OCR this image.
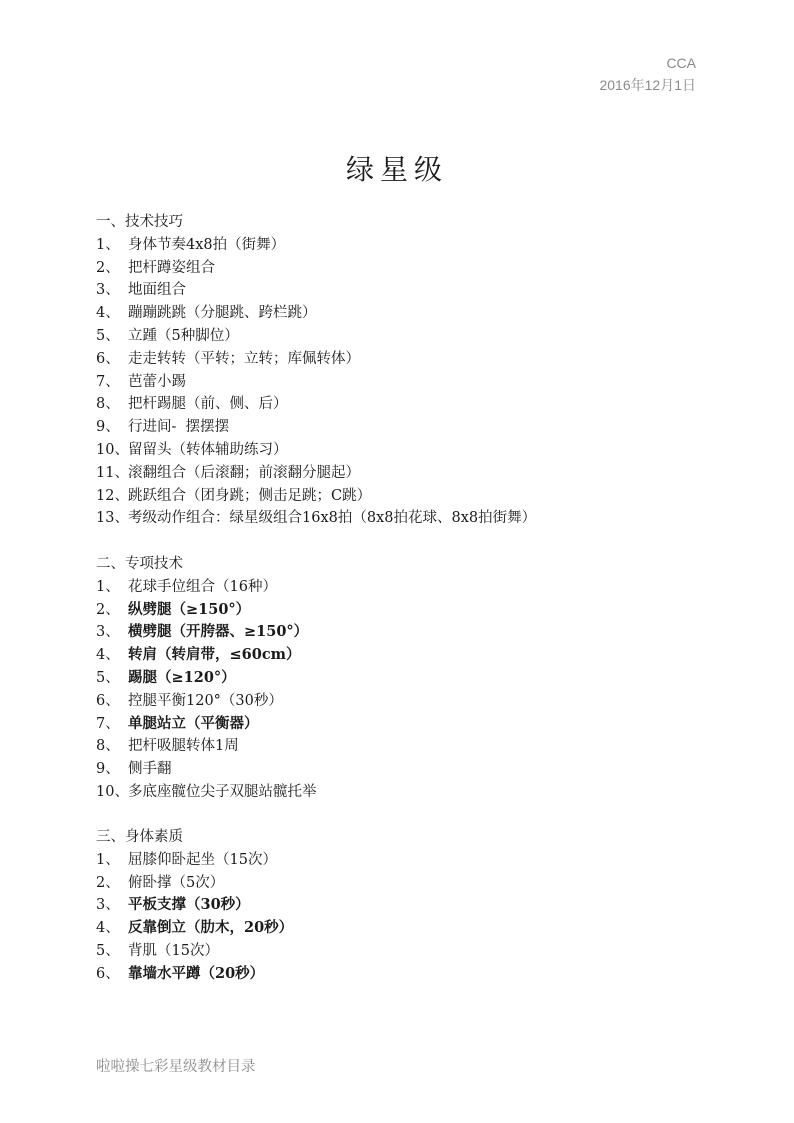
CCA
2016年12月1日
绿星级
一、技术技巧
1、 身体节奏4x8拍（街舞）
2、 把杆蹲姿组合
3、 地面组合
4、 蹦蹦跳跳（分腿跳、跨栏跳）
5、 立踵（5种脚位）
6、 走走转转（平转；立转；库佩转体）
7、 芭蕾小踢
8、 把杆踢腿（前、侧、后）
9、 行进间-  摆摆摆
10、 留留头（转体辅助练习）
11、 滚翻组合（后滚翻；前滚翻分腿起）
12、 跳跃组合（团身跳；侧击足跳；C跳）
13、 考级动作组合：绿星级组合16x8拍（8x8拍花球、8x8拍街舞）
二、专项技术
1、 花球手位组合（16种）
2、 纵劈腿（≥150°）
3、 横劈腿（开胯器、≥150°）
4、 转肩（转肩带，≤60cm）
5、 踢腿（≥120°）
6、 控腿平衡120°（30秒）
7、 单腿站立（平衡器）
8、 把杆吸腿转体1周
9、 侧手翻
10、 多底座髋位尖子双腿站髋托举
三、身体素质
1、 屈膝仰卧起坐（15次）
2、 俯卧撑（5次）
3、 平板支撑（30秒）
4、 反靠倒立（肋木，20秒）
5、 背肌（15次）
6、 靠墙水平蹲（20秒）
啦啦操七彩星级教材目录
